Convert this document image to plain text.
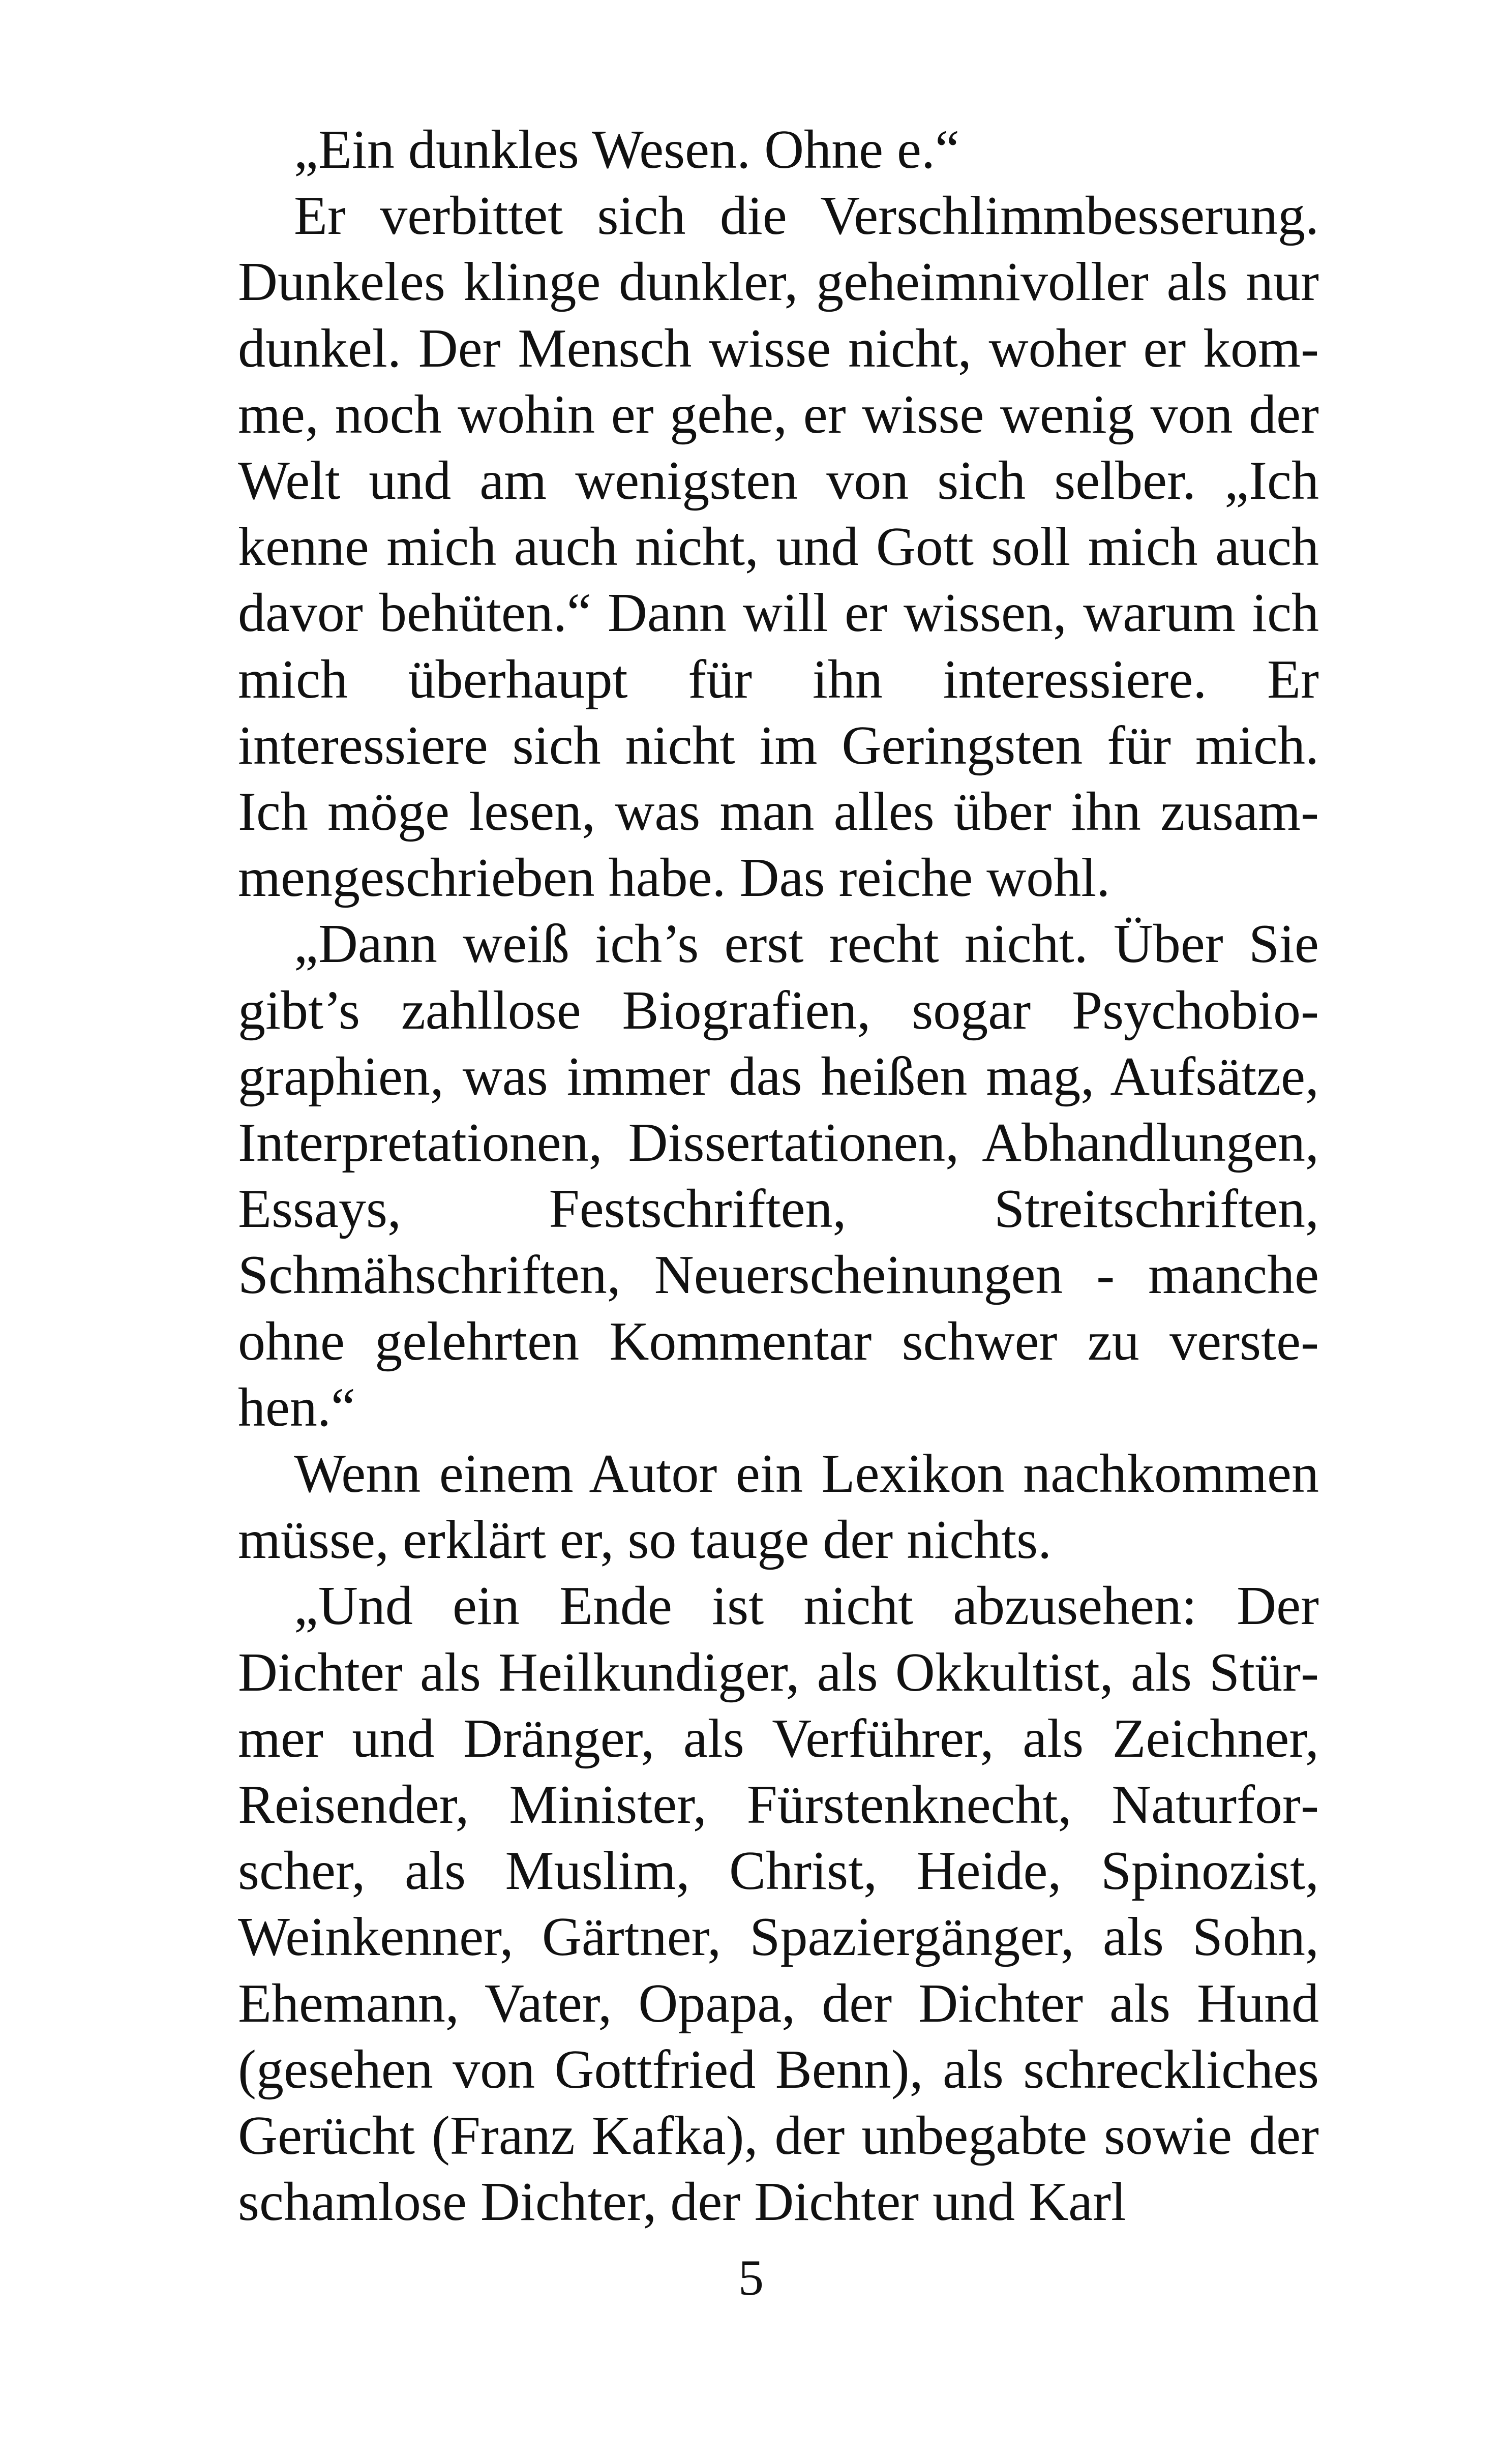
„Ein dunkles Wesen. Ohne e.“

Er verbittet sich die Verschlimmbesserung. Dunkeles klinge dunkler, geheimnivoller als nur dunkel. Der Mensch wisse nicht, woher er komme, noch wohin er gehe, er wisse wenig von der Welt und am wenigsten von sich selber. „Ich kenne mich auch nicht, und Gott soll mich auch davor behüten.“ Dann will er wissen, warum ich mich überhaupt für ihn interessiere. Er interessiere sich nicht im Geringsten für mich. Ich möge lesen, was man alles über ihn zusammengeschrieben habe. Das reiche wohl.

„Dann weiß ich’s erst recht nicht. Über Sie gibt’s zahllose Biografien, sogar Psychobiographien, was immer das heißen mag, Aufsätze, Interpretationen, Dissertationen, Abhandlungen, Essays, Festschriften, Streitschriften, Schmähschriften, Neuerscheinungen - manche ohne gelehrten Kommentar schwer zu verstehen.“

Wenn einem Autor ein Lexikon nachkommen müsse, erklärt er, so tauge der nichts.

„Und ein Ende ist nicht abzusehen: Der Dichter als Heilkundiger, als Okkultist, als Stürmer und Dränger, als Verführer, als Zeichner, Reisender, Minister, Fürstenknecht, Naturforscher, als Muslim, Christ, Heide, Spinozist, Weinkenner, Gärtner, Spaziergänger, als Sohn, Ehemann, Vater, Opapa, der Dichter als Hund (gesehen von Gottfried Benn), als schreckliches Gerücht (Franz Kafka), der unbegabte sowie der schamlose Dichter, der Dichter und Karl

5
